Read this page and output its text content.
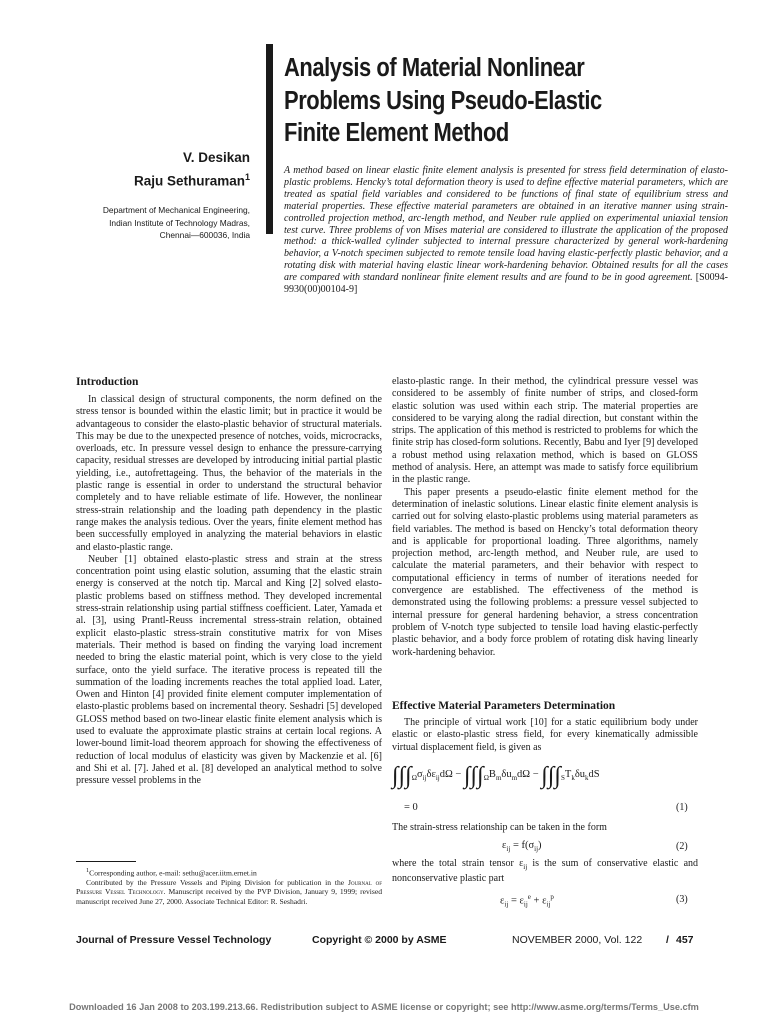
Analysis of Material Nonlinear
Problems Using Pseudo-Elastic
Finite Element Method
V. Desikan
Raju Sethuraman$^1$
Department of Mechanical Engineering,
Indian Institute of Technology Madras,
Chennai—600036, India
A method based on linear elastic finite element analysis is presented for stress field determination of elasto-plastic problems. Hencky’s total deformation theory is used to define effective material parameters, which are treated as spatial field variables and considered to be functions of final state of equilibrium stress and material properties. These effective material parameters are obtained in an iterative manner using strain-controlled projection method, arc-length method, and Neuber rule applied on experimental uniaxial tension test curve. Three problems of von Mises material are considered to illustrate the application of the proposed method: a thick-walled cylinder subjected to internal pressure characterized by general work-hardening behavior, a V-notch specimen subjected to remote tensile load having elastic-perfectly plastic behavior, and a rotating disk with material having elastic linear work-hardening behavior. Obtained results for all the cases are compared with standard nonlinear finite element results and are found to be in good agreement. [S0094-9930(00)00104-9]
Introduction

In classical design of structural components, the norm defined on the stress tensor is bounded within the elastic limit; but in practice it would be advantageous to consider the elasto-plastic behavior of structural materials. This may be due to the unexpected presence of notches, voids, microcracks, overloads, etc. In pressure vessel design to enhance the pressure-carrying capacity, residual stresses are developed by introducing initial partial plastic yielding, i.e., autofrettageing. Thus, the behavior of the materials in the plastic range is essential in order to understand the structural behavior completely and to have reliable estimate of life. However, the nonlinear stress-strain relationship and the loading path dependency in the plastic range makes the analysis tedious. Over the years, finite element method has been successfully employed in analyzing the material behaviors in elastic and elasto-plastic range.

Neuber [1] obtained elasto-plastic stress and strain at the stress concentration point using elastic solution, assuming that the elastic strain energy is conserved at the notch tip. Marcal and King [2] solved elasto-plastic problems based on stiffness method. They developed incremental stress-strain relationship using partial stiffness coefficient. Later, Yamada et al. [3], using Prantl-Reuss incremental stress-strain relation, obtained explicit elasto-plastic stress-strain constitutive matrix for von Mises materials. Their method is based on finding the varying load increment needed to bring the elastic material point, which is very close to the yield surface, onto the yield surface. The iterative process is repeated till the summation of the loading increments reaches the total applied load. Later, Owen and Hinton [4] provided finite element computer implementation of elasto-plastic problems based on incremental theory. Seshadri [5] developed GLOSS method based on two-linear elastic finite element analysis which is used to evaluate the approximate plastic strains at certain local regions. A lower-bound limit-load theorem approach for showing the effectiveness of reduction of local modulus of elasticity was given by Mackenzie et al. [6] and Shi et al. [7]. Jahed et al. [8] developed an analytical method to solve pressure vessel problems in the

$^1$Corresponding author, e-mail: sethu@acer.iitm.ernet.in

Contributed by the Pressure Vessels and Piping Division for publication in the Journal of Pressure Vessel Technology. Manuscript received by the PVP Division, January 9, 1999; revised manuscript received June 27, 2000. Associate Technical Editor: R. Seshadri.

elasto-plastic range. In their method, the cylindrical pressure vessel was considered to be assembly of finite number of strips, and closed-form elastic solution was used within each strip. The material properties are considered to be varying along the radial direction, but constant within the strips. The application of this method is restricted to problems for which the finite strip has closed-form solutions. Recently, Babu and Iyer [9] developed a robust method using relaxation method, which is based on GLOSS method of analysis. Here, an attempt was made to satisfy force equilibrium in the plastic range.

This paper presents a pseudo-elastic finite element method for the determination of inelastic solutions. Linear elastic finite element analysis is carried out for solving elasto-plastic problems using material parameters as field variables. The method is based on Hencky’s total deformation theory and is applicable for proportional loading. Three algorithms, namely projection method, arc-length method, and Neuber rule, are used to calculate the material parameters, and their behavior with respect to computational efficiency in terms of number of iterations needed for convergence are established. The effectiveness of the method is demonstrated using the following problems: a pressure vessel subjected to internal pressure for general hardening behavior, a stress concentration problem of V-notch type subjected to tensile load having elastic-perfectly plastic behavior, and a body force problem of rotating disk having linearly work-hardening behavior.

Effective Material Parameters Determination

The principle of virtual work [10] for a static equilibrium body under elastic or elasto-plastic stress field, for every kinematically admissible virtual displacement field, is given as

$\int\int\int_\Omega\sigma_{ij}\delta\varepsilon_{ij}d\Omega - \int\int\int_\Omega B_m\delta u_md\Omega - \int\int\int_ST_k\delta u_kdS$
= 0	(1)

The strain-stress relationship can be taken in the form

$\varepsilon_{ij} = f(\sigma_{ij})$	(2)

where the total strain tensor $\varepsilon_{ij}$ is the sum of conservative elastic and nonconservative plastic part

$\varepsilon_{ij} = \varepsilon_{ij}^e + \varepsilon_{ij}^p$	(3)
Journal of Pressure Vessel Technology	Copyright © 2000 by ASME	NOVEMBER 2000, Vol. 122 / 457
Downloaded 16 Jan 2008 to 203.199.213.66. Redistribution subject to ASME license or copyright; see http://www.asme.org/terms/Terms_Use.cfm
